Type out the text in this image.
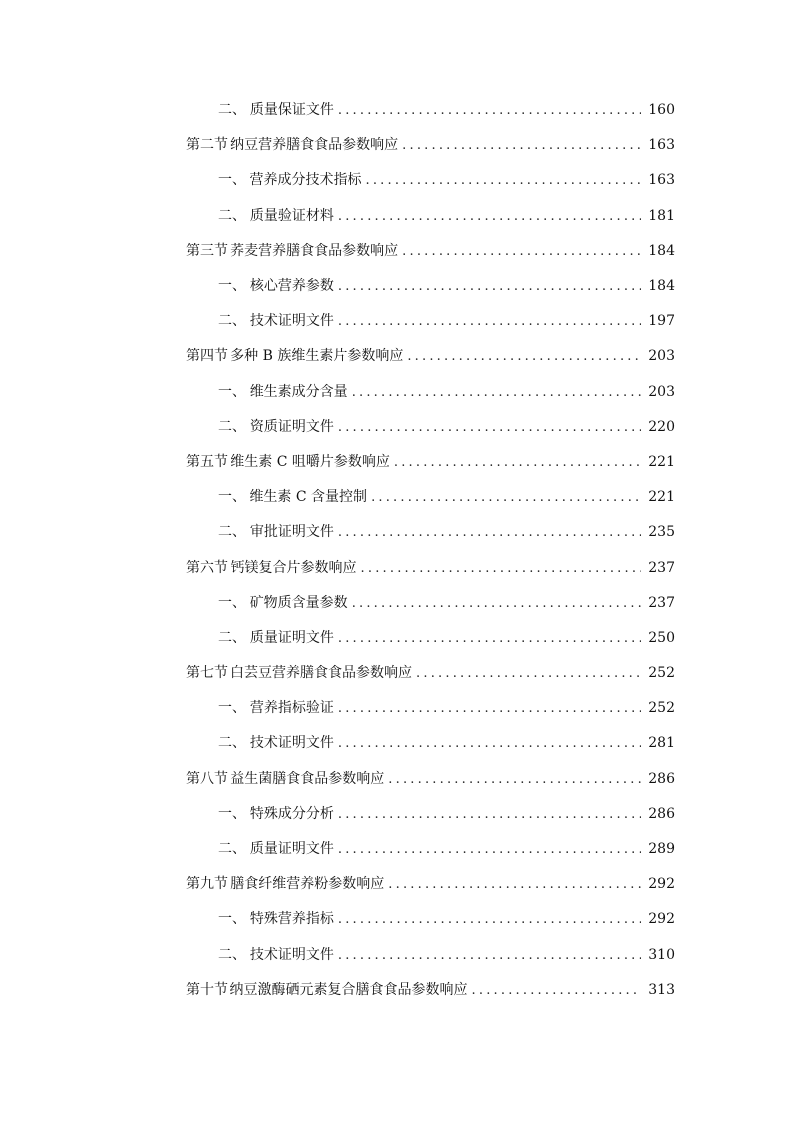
二、 质量保证文件 .....	160
第二节 纳豆营养膳食食品参数响应 .....	163
一、 营养成分技术指标 .....	163
二、 质量验证材料 .....	181
第三节 荞麦营养膳食食品参数响应 .....	184
一、 核心营养参数 .....	184
二、 技术证明文件 .....	197
第四节 多种 B 族维生素片参数响应 .....	203
一、 维生素成分含量 .....	203
二、 资质证明文件 .....	220
第五节 维生素 C 咀嚼片参数响应 .....	221
一、 维生素 C 含量控制 .....	221
二、 审批证明文件 .....	235
第六节 钙镁复合片参数响应 .....	237
一、 矿物质含量参数 .....	237
二、 质量证明文件 .....	250
第七节 白芸豆营养膳食食品参数响应 .....	252
一、 营养指标验证 .....	252
二、 技术证明文件 .....	281
第八节 益生菌膳食食品参数响应 .....	286
一、 特殊成分分析 .....	286
二、 质量证明文件 .....	289
第九节 膳食纤维营养粉参数响应 .....	292
一、 特殊营养指标 .....	292
二、 技术证明文件 .....	310
第十节 纳豆激酶硒元素复合膳食食品参数响应 .....	313
